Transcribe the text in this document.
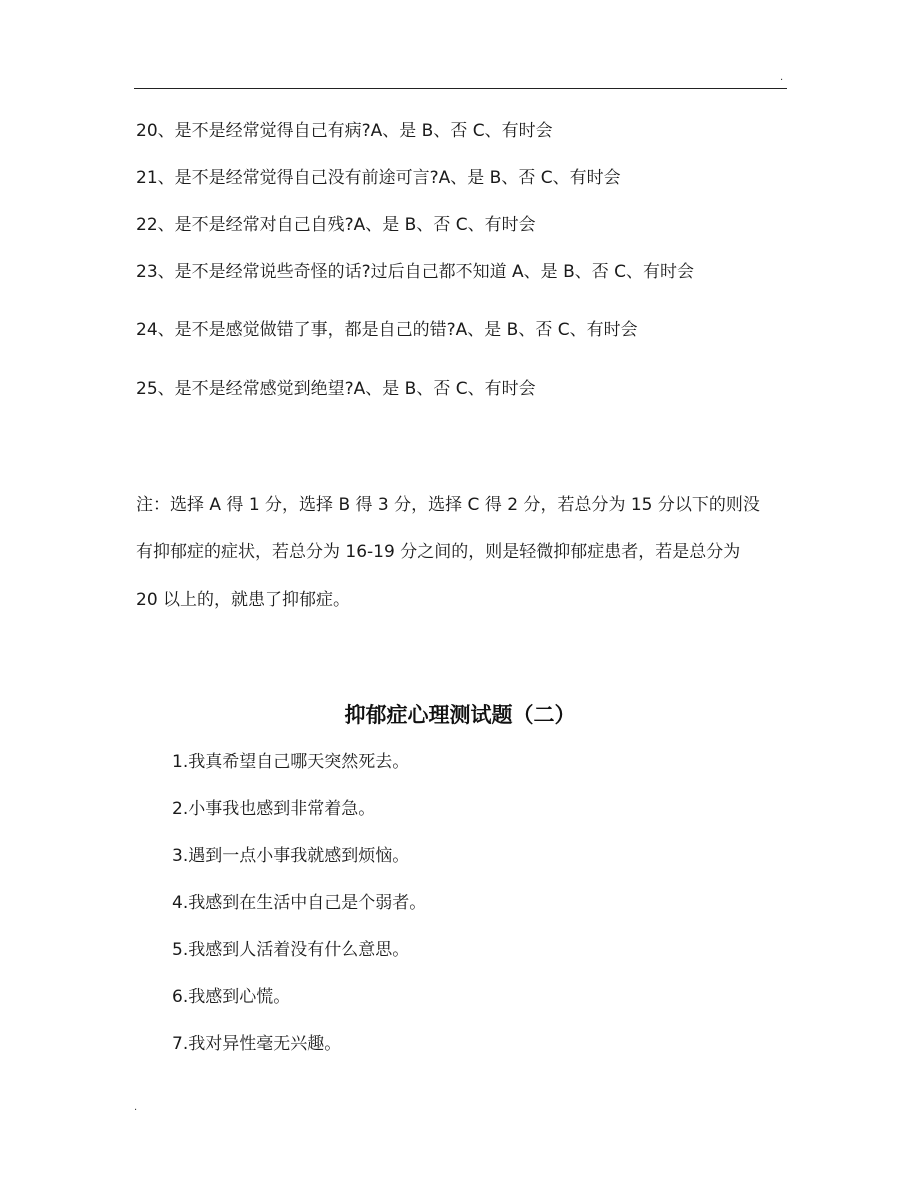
.
20、是不是经常觉得自己有病?A、是 B、否 C、有时会
21、是不是经常觉得自己没有前途可言?A、是 B、否 C、有时会
22、是不是经常对自己自残?A、是 B、否 C、有时会
23、是不是经常说些奇怪的话?过后自己都不知道 A、是 B、否 C、有时会
24、是不是感觉做错了事，都是自己的错?A、是 B、否 C、有时会
25、是不是经常感觉到绝望?A、是 B、否 C、有时会
注：选择 A 得 1 分，选择 B 得 3 分，选择 C 得 2 分，若总分为 15 分以下的则没
有抑郁症的症状，若总分为 16-19 分之间的，则是轻微抑郁症患者，若是总分为
20 以上的，就患了抑郁症。
抑郁症心理测试题（二）
1.我真希望自己哪天突然死去。
2.小事我也感到非常着急。
3.遇到一点小事我就感到烦恼。
4.我感到在生活中自己是个弱者。
5.我感到人活着没有什么意思。
6.我感到心慌。
7.我对异性毫无兴趣。
.
